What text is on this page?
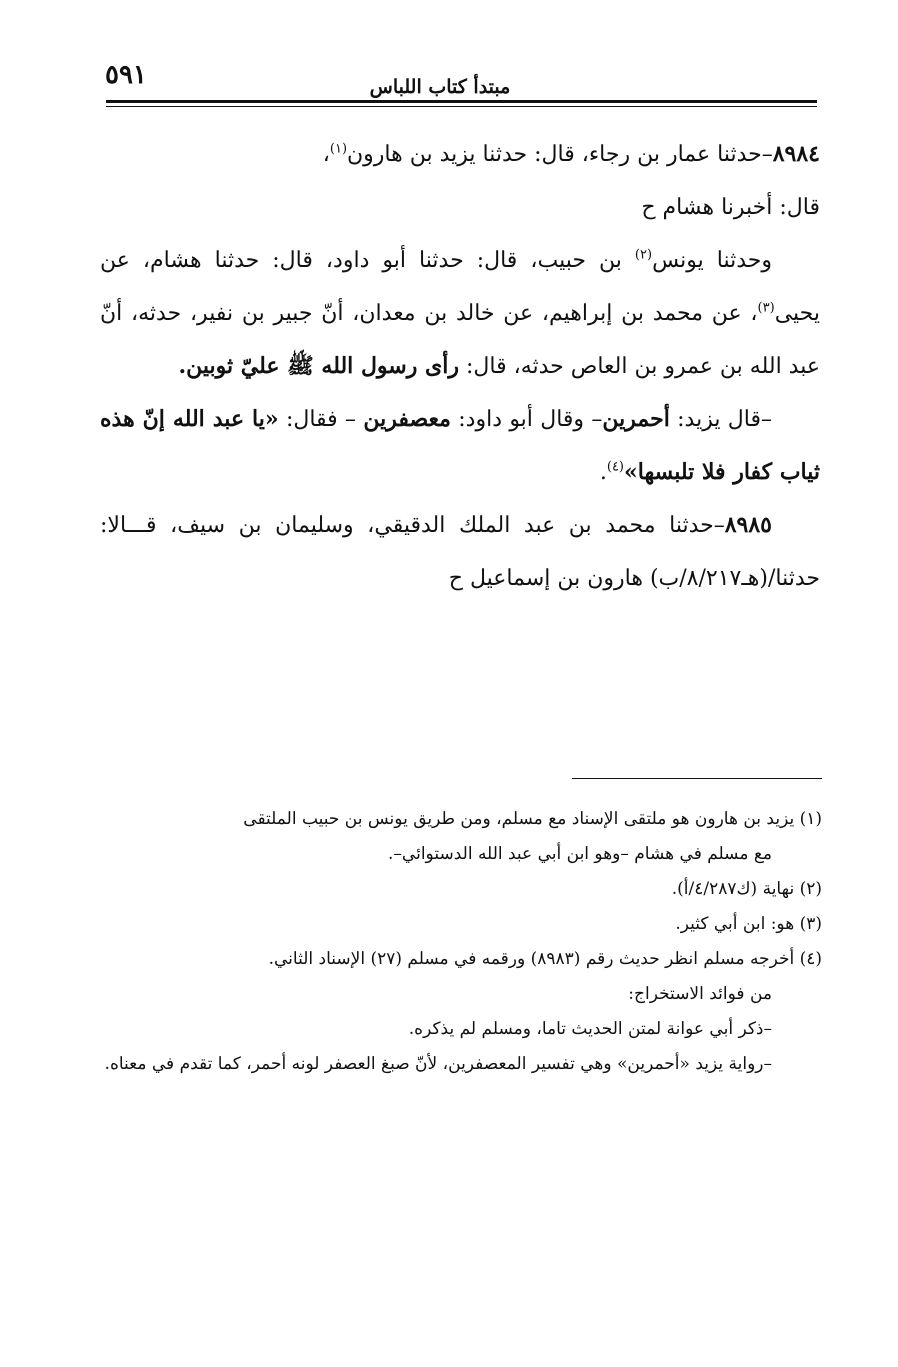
٥٩١	مبتدأ كتاب اللباس

٨٩٨٤–حدثنا عمار بن رجاء، قال: حدثنا يزيد بن هارون$^{(١)}$،

قال: أخبرنا هشام ح

وحدثنا يونس$^{(٢)}$ بن حبيب، قال: حدثنا أبو داود، قال: حدثنا هشام، عن يحيى$^{(٣)}$، عن محمد بن إبراهيم، عن خالد بن معدان، أنّ جبير بن نفير، حدثه، أنّ عبد الله بن عمرو بن العاص حدثه، قال: رأى رسول الله ﷺ عليّ ثوبين.

–قال يزيد: أحمرين– وقال أبو داود: معصفرين – فقال: «يا عبد الله إنّ هذه ثياب كفار فلا تلبسها»$^{(٤)}$.

٨٩٨٥–حدثنا محمد بن عبد الملك الدقيقي، وسليمان بن سيف، قـــالا: حدثنا/(هـ٨/٢١٧/ب) هارون بن إسماعيل ح

(١) يزيد بن هارون هو ملتقى الإسناد مع مسلم، ومن طريق يونس بن حبيب الملتقى

مع مسلم في هشام –وهو ابن أبي عبد الله الدستوائي–.

(٢) نهاية (ك٤/٢٨٧/أ).

(٣) هو: ابن أبي كثير.

(٤) أخرجه مسلم انظر حديث رقم (٨٩٨٣) ورقمه في مسلم (٢٧) الإسناد الثاني.

من فوائد الاستخراج:

–ذكر أبي عوانة لمتن الحديث تاما، ومسلم لم يذكره.

–رواية يزيد «أحمرين» وهي تفسير المعصفرين، لأنّ صبغ العصفر لونه أحمر، كما تقدم في معناه.
